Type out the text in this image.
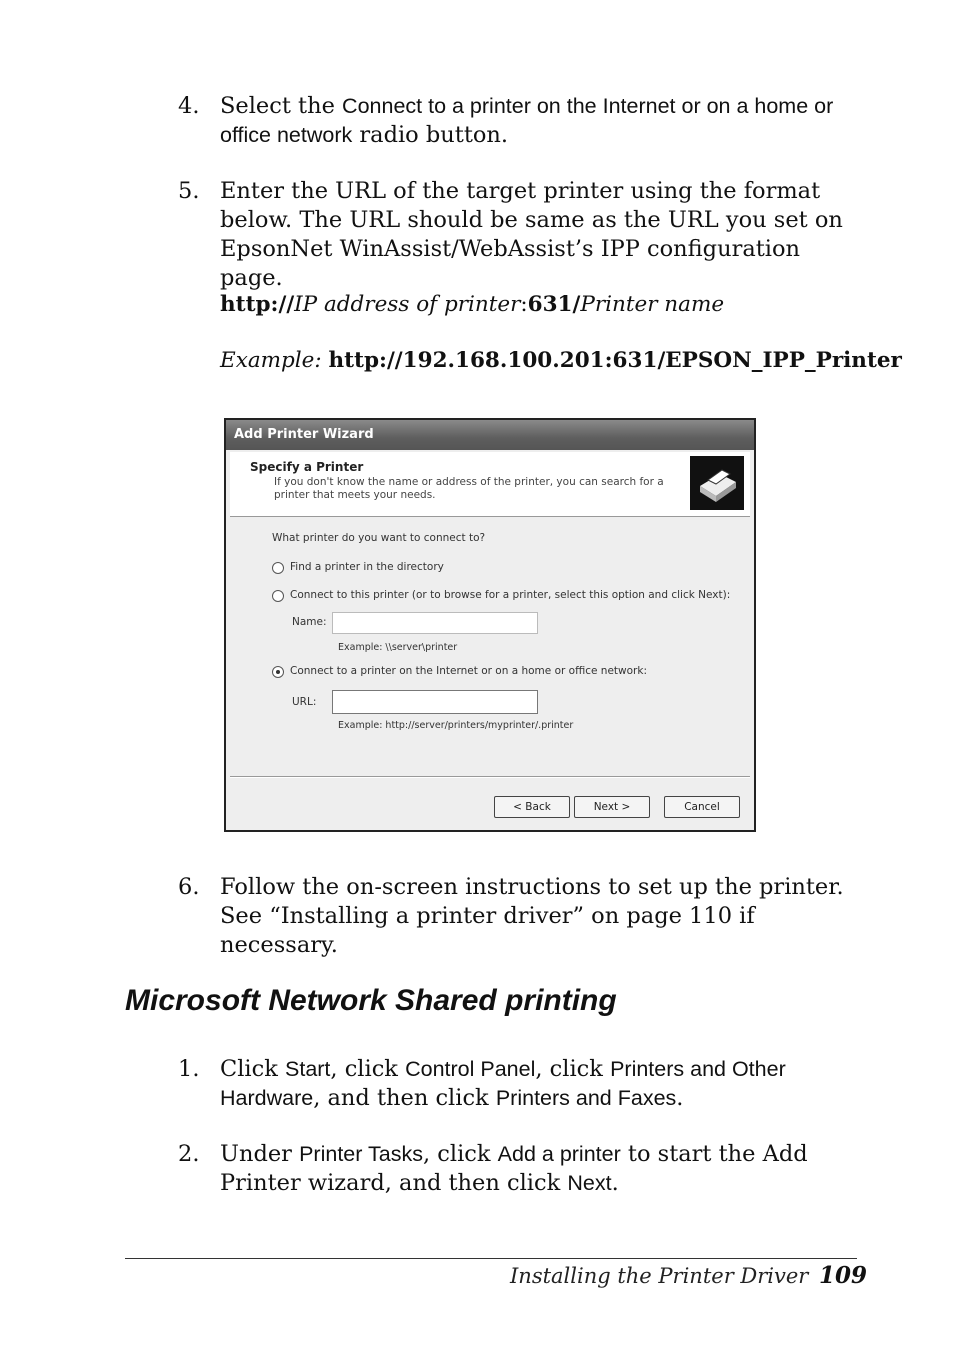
4. Select the Connect to a printer on the Internet or on a home or office network radio button.
5. Enter the URL of the target printer using the format below. The URL should be same as the URL you set on EpsonNet WinAssist/WebAssist’s IPP configuration page.
http://IP address of printer:631/Printer name
Example: http://192.168.100.201:631/EPSON_IPP_Printer
Add Printer Wizard
Specify a Printer
If you don't know the name or address of the printer, you can search for a printer that meets your needs.
What printer do you want to connect to?
Find a printer in the directory
Connect to this printer (or to browse for a printer, select this option and click Next):
Name:
Example: \\server\printer
Connect to a printer on the Internet or on a home or office network:
URL:
Example: http://server/printers/myprinter/.printer
< Back	Next >	Cancel
6. Follow the on-screen instructions to set up the printer. See “Installing a printer driver” on page 110 if necessary.
Microsoft Network Shared printing
1. Click Start, click Control Panel, click Printers and Other Hardware, and then click Printers and Faxes.
2. Under Printer Tasks, click Add a printer to start the Add Printer wizard, and then click Next.
Installing the Printer Driver 109
